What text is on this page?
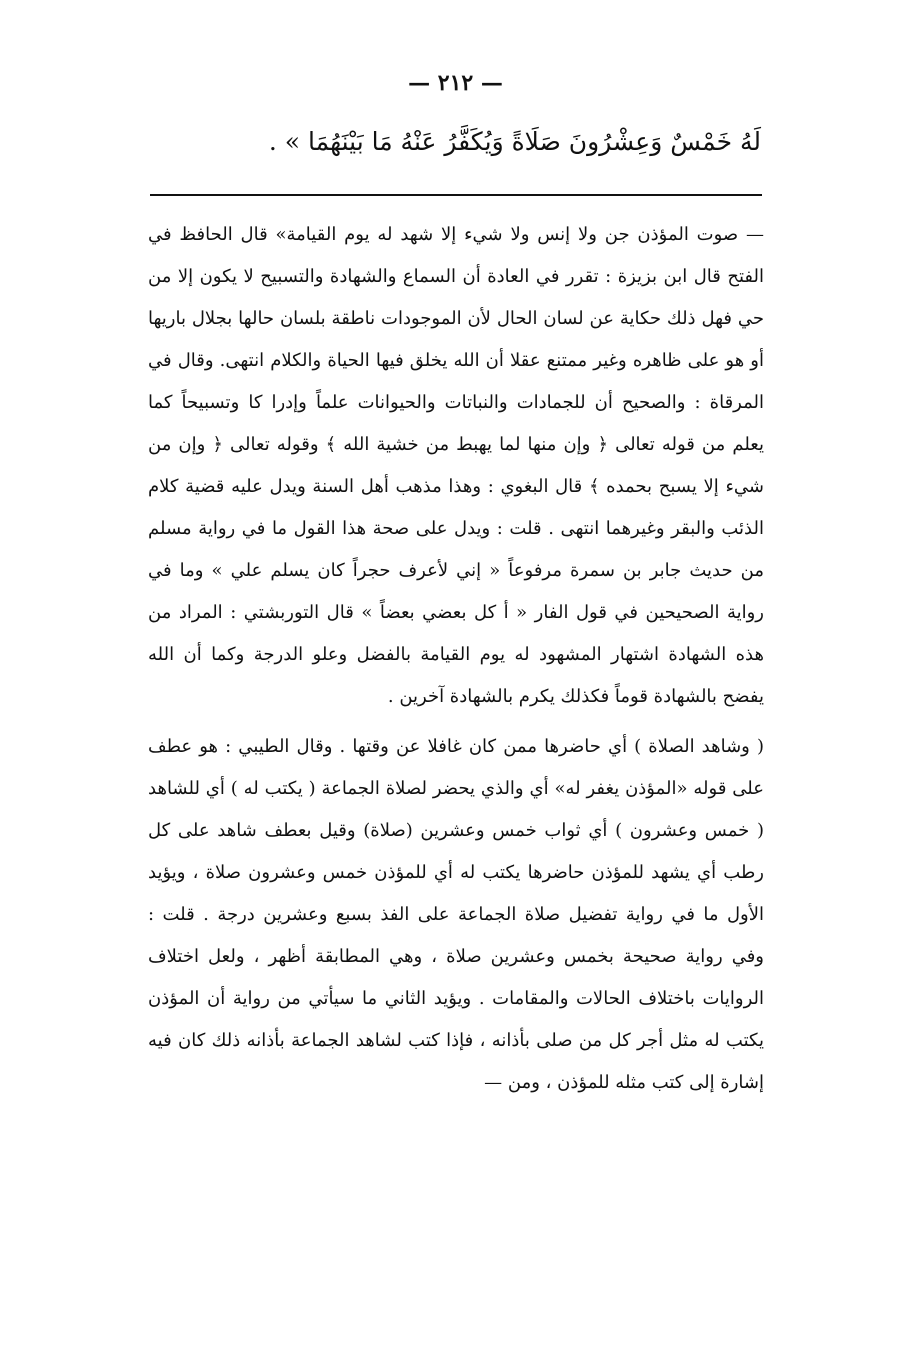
— ٢١٢ —
لَهُ خَمْسٌ وَعِشْرُونَ صَلَاةً وَيُكَفَّرُ عَنْهُ مَا بَيْنَهُمَا » .

— صوت المؤذن جن ولا إنس ولا شيء إلا شهد له يوم القيامة» قال الحافظ في الفتح قال ابن بزيزة : تقرر في العادة أن السماع والشهادة والتسبيح لا يكون إلا من حي فهل ذلك حكاية عن لسان الحال لأن الموجودات ناطقة بلسان حالها بجلال باريها أو هو على ظاهره وغير ممتنع عقلا أن الله يخلق فيها الحياة والكلام انتهى. وقال في المرقاة : والصحيح أن للجمادات والنباتات والحيوانات علماً وإدرا كا وتسبيحاً كما يعلم من قوله تعالى ﴿ وإن منها لما يهبط من خشية الله ﴾ وقوله تعالى ﴿ وإن من شيء إلا يسبح بحمده ﴾ قال البغوي : وهذا مذهب أهل السنة ويدل عليه قضية كلام الذئب والبقر وغيرهما انتهى . قلت : ويدل على صحة هذا القول ما في رواية مسلم من حديث جابر بن سمرة مرفوعاً « إني لأعرف حجراً كان يسلم علي » وما في رواية الصحيحين في قول الفار « أ كل بعضي بعضاً » قال التوربشتي : المراد من هذه الشهادة اشتهار المشهود له يوم القيامة بالفضل وعلو الدرجة وكما أن الله يفضح بالشهادة قوماً فكذلك يكرم بالشهادة آخرين .

( وشاهد الصلاة ) أي حاضرها ممن كان غافلا عن وقتها . وقال الطيبي : هو عطف على قوله «المؤذن يغفر له» أي والذي يحضر لصلاة الجماعة ( يكتب له ) أي للشاهد ( خمس وعشرون ) أي ثواب خمس وعشرين (صلاة) وقيل بعطف شاهد على كل رطب أي يشهد للمؤذن حاضرها يكتب له أي للمؤذن خمس وعشرون صلاة ، ويؤيد الأول ما في رواية تفضيل صلاة الجماعة على الفذ بسبع وعشرين درجة . قلت : وفي رواية صحيحة بخمس وعشرين صلاة ، وهي المطابقة أظهر ، ولعل اختلاف الروايات باختلاف الحالات والمقامات . ويؤيد الثاني ما سيأتي من رواية أن المؤذن يكتب له مثل أجر كل من صلى بأذانه ، فإذا كتب لشاهد الجماعة بأذانه ذلك كان فيه إشارة إلى كتب مثله للمؤذن ، ومن —
